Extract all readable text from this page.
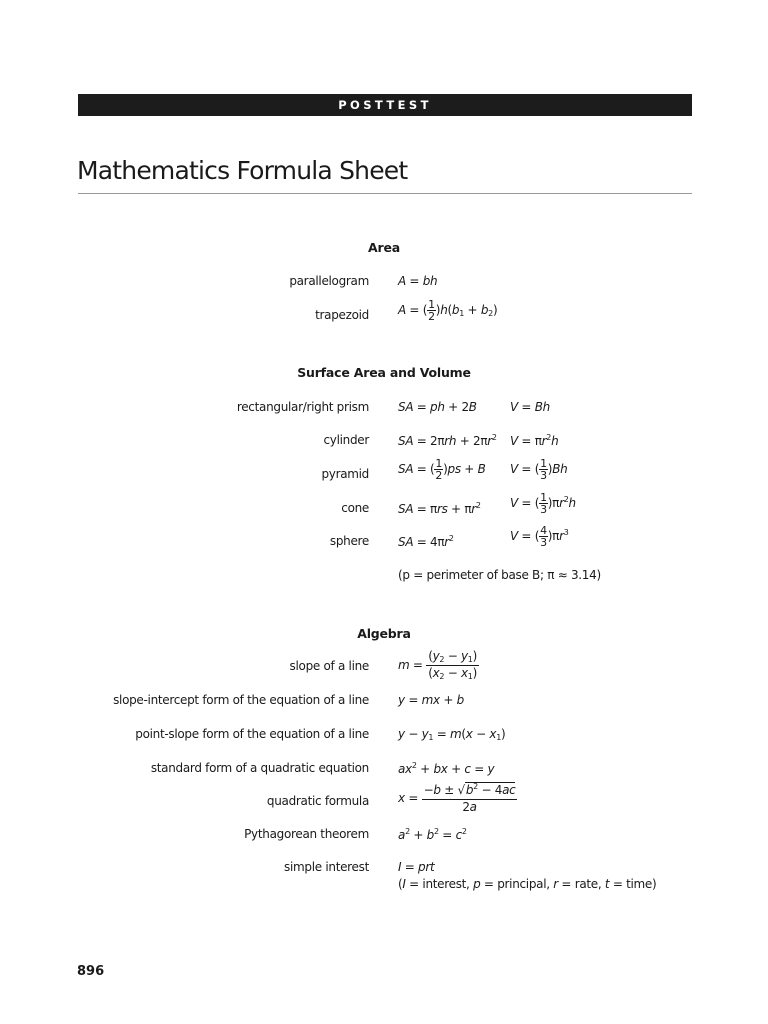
POSTTEST
Mathematics Formula Sheet
Area
parallelogram A = bh
trapezoid A = ( $\frac{1}{2} )h(b_1 + b_2)$
Surface Area and Volume
rectangular/right prism SA = ph + 2B	V = Bh
cylinder SA = $2\pi rh + 2\pi r^2$ $V = \pi r^2h$
pyramid SA = ( $\frac{1}{2} )ps + B$ V = ( $\frac{1}{3} )Bh$
cone SA = $\pi rs + \pi r^2$ V = ( $\frac{1}{3} )\pi r^2h$
sphere SA = $4\pi r^2$	V = ( $\frac{4}{3} )\pi r^3$
(p = perimeter of base B; π ≈ 3.14)
Algebra
slope of a line $m = \frac{(y_2 - y_1)}{(x_2 - x_1)}$
slope-intercept form of the equation of a line y = mx + b
point-slope form of the equation of a line $y - y_1 = m(x - x_1)$
standard form of a quadratic equation $ax^2$ + bx + c = y
quadratic formula $x = \frac{-b \pm √b^2 - 4ac}{2a}$
Pythagorean theorem $a^2 + b^2 = c^2$
simple interest I = prt
(I = interest, p = principal, r = rate, t = time)
896
